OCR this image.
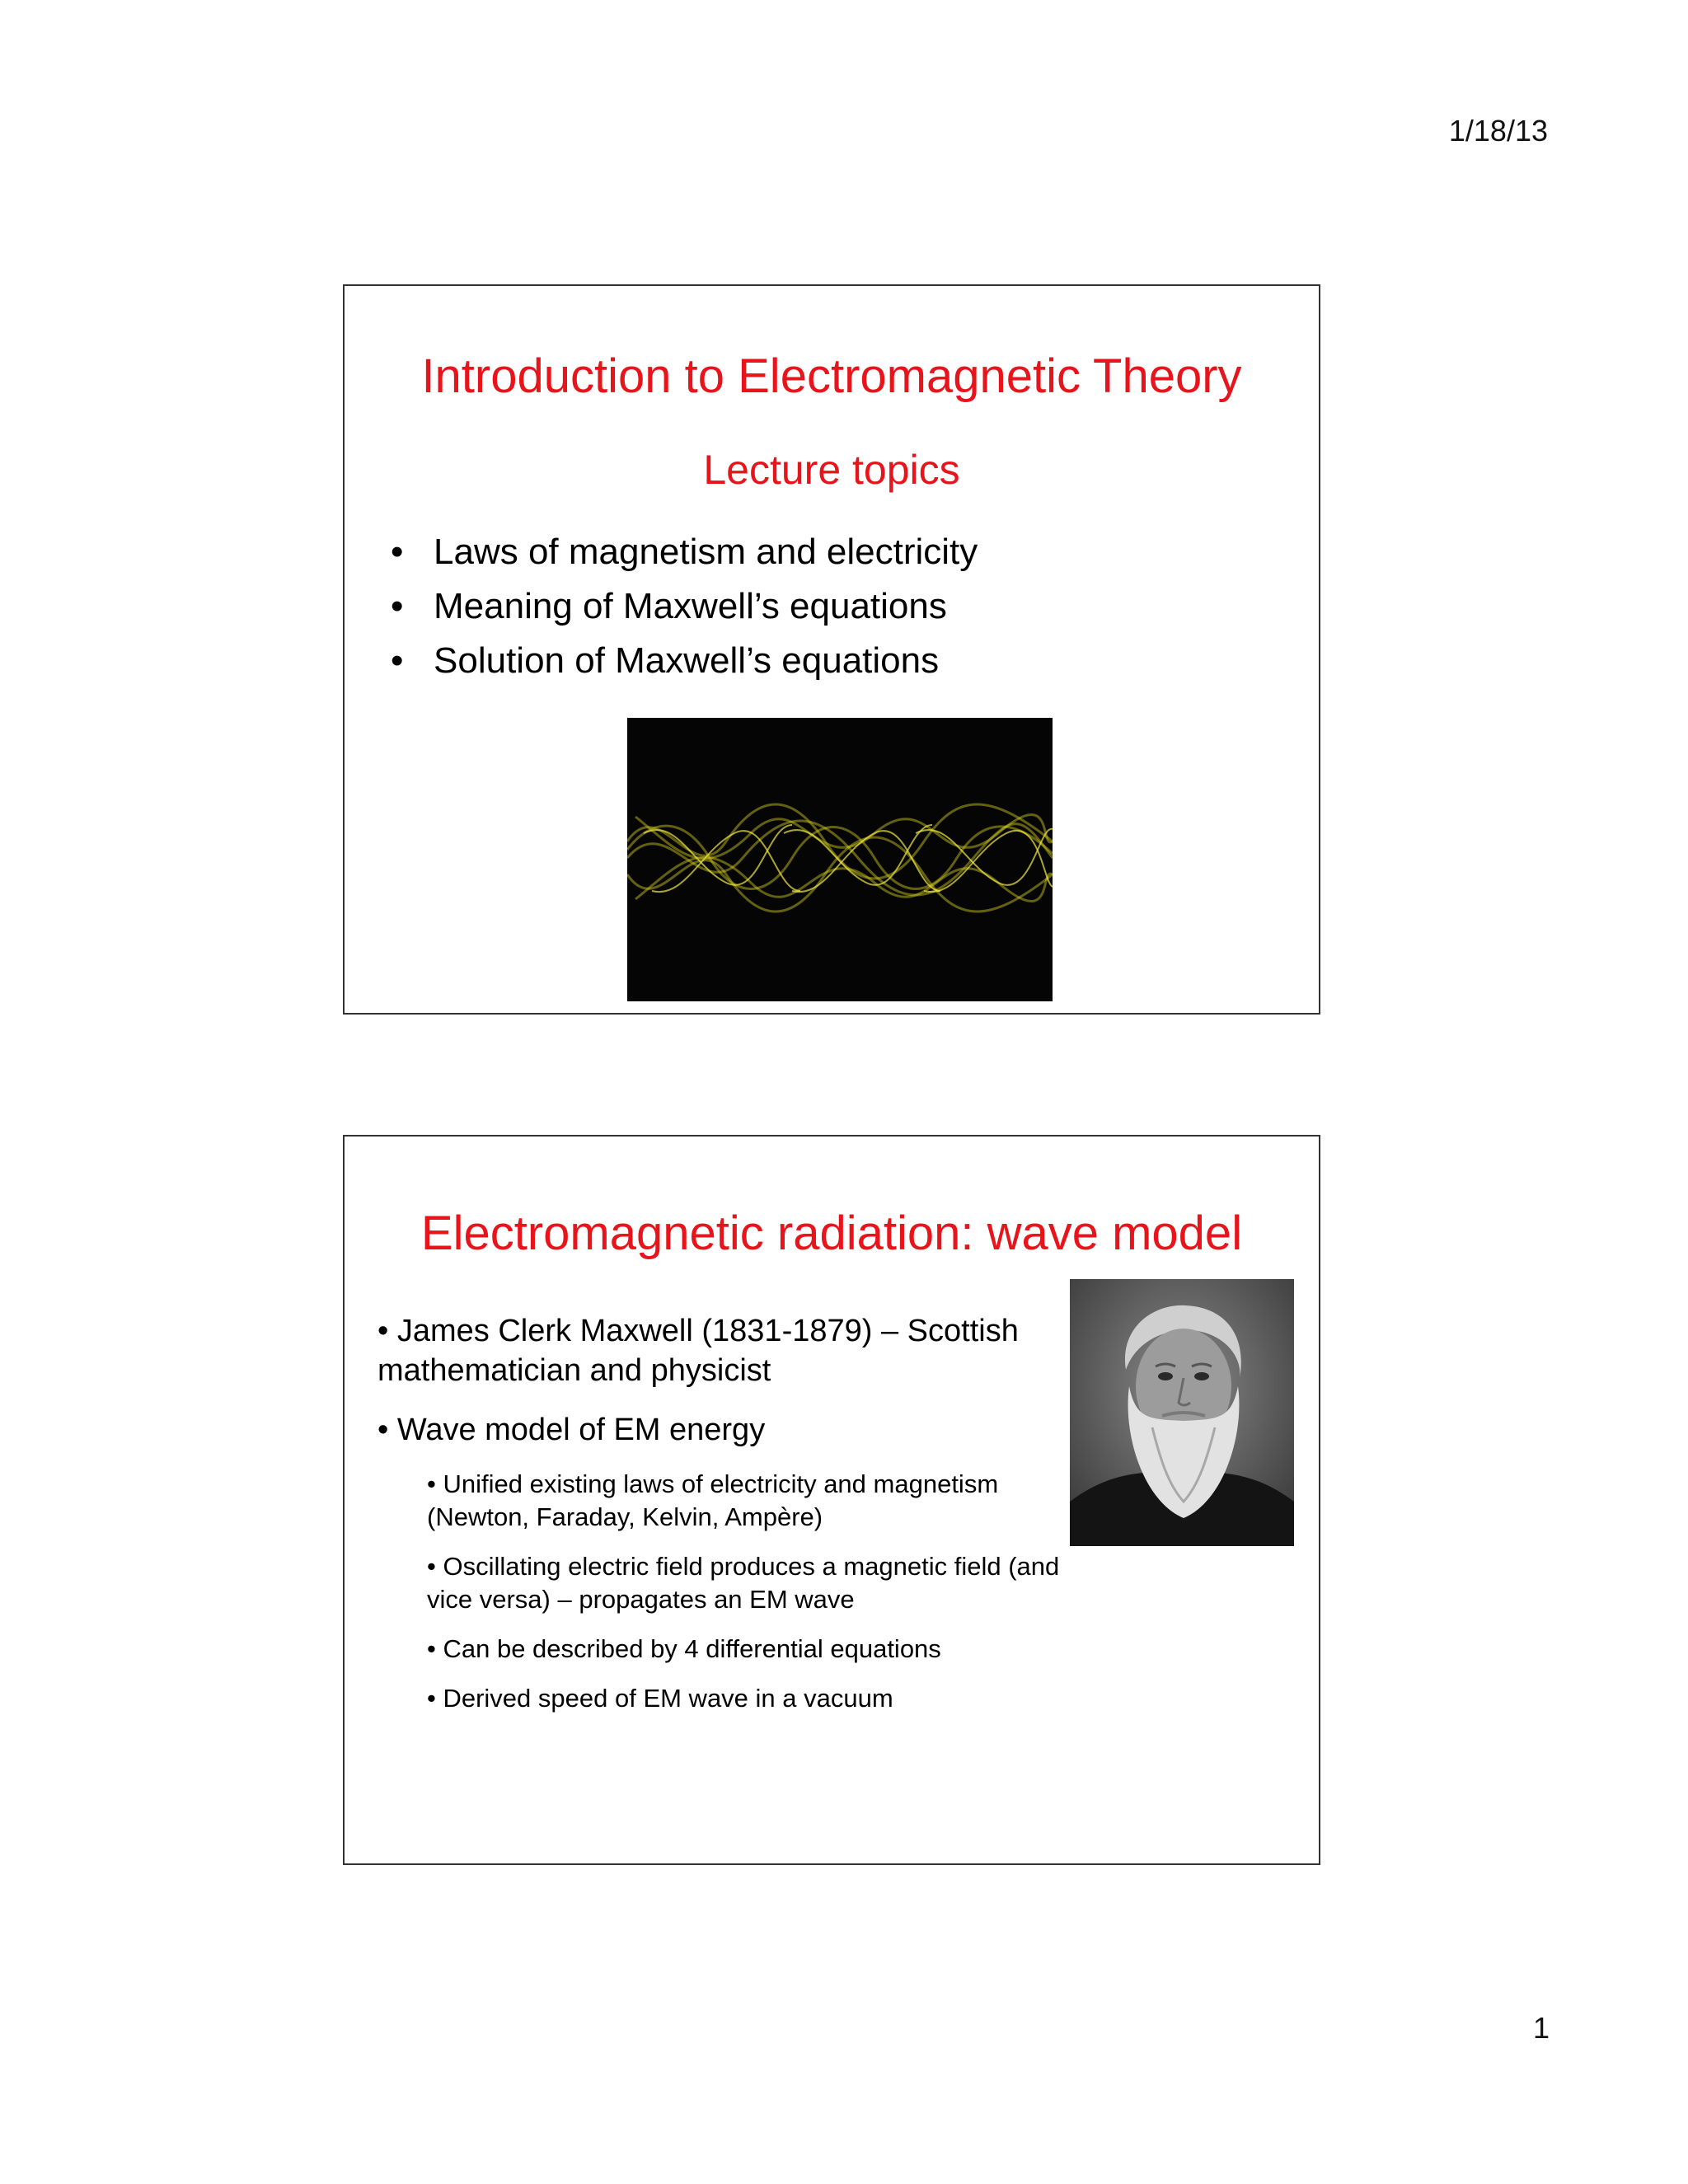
1/18/13
Introduction to Electromagnetic Theory
Lecture topics
• Laws of magnetism and electricity
• Meaning of Maxwell’s equations
• Solution of Maxwell’s equations
Electromagnetic radiation: wave model
• James Clerk Maxwell (1831-1879) – Scottish mathematician and physicist
• Wave model of EM energy
• Unified existing laws of electricity and magnetism (Newton, Faraday, Kelvin, Ampère)
• Oscillating electric field produces a magnetic field (and vice versa) – propagates an EM wave
• Can be described by 4 differential equations
• Derived speed of EM wave in a vacuum
1
